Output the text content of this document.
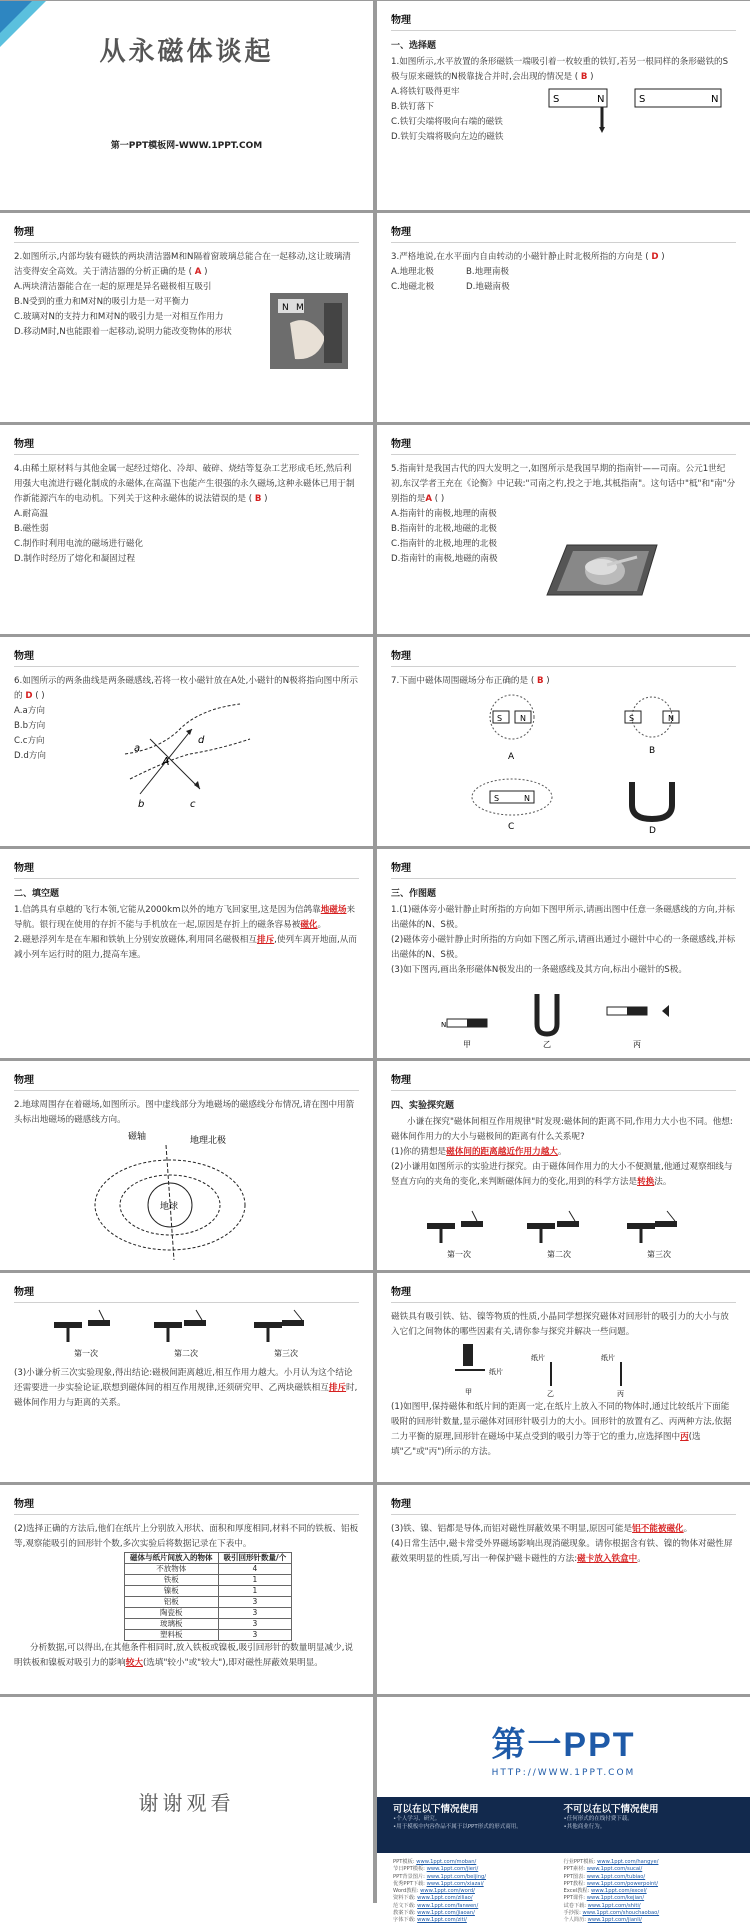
从永磁体谈起
第一PPT模板网-WWW.1PPT.COM
物理
一、选择题
1.如图所示,水平放置的条形磁铁一端吸引着一枚较重的铁钉,若另一根同样的条形磁铁的S极与原来磁铁的N极靠拢合并时,会出现的情况是 ( B )
A.将铁钉吸得更牢
B.铁钉落下
C.铁钉尖端将吸向右端的磁铁
D.铁钉尖端将吸向左边的磁铁
S	N	S	N
物理
2.如图所示,内部均装有磁铁的两块清洁器M和N隔着窗玻璃总能合在一起移动,这让玻璃清洁变得安全高效。关于清洁器的分析正确的是 ( A )
A.两块清洁器能合在一起的原理是异名磁极相互吸引
B.N受到的重力和M对N的吸引力是一对平衡力
C.玻璃对N的支持力和M对N的吸引力是一对相互作用力
D.移动M时,N也能跟着一起移动,说明力能改变物体的形状
N M
物理
3.严格地说,在水平面内自由转动的小磁针静止时北极所指的方向是 ( D )
A.地理北极	B.地理南极
C.地磁北极	D.地磁南极
物理
4.由稀土原材料与其他金属一起经过熔化、冷却、破碎、烧结等复杂工艺形成毛坯,然后利用强大电流进行磁化制成的永磁体,在高温下也能产生很强的永久磁场,这种永磁体已用于制作新能源汽车的电动机。下列关于这种永磁体的说法错误的是 ( B )
A.耐高温
B.磁性弱
C.制作时利用电流的磁场进行磁化
D.制作时经历了熔化和凝固过程
物理
5.指南针是我国古代的四大发明之一,如图所示是我国早期的指南针——司南。公元1世纪初,东汉学者王充在《论衡》中记载:"司南之杓,投之于地,其柢指南"。这句话中"柢"和"南"分别指的是A ( )
A.指南针的南极,地理的南极
B.指南针的北极,地磁的北极
C.指南针的北极,地理的北极
D.指南针的南极,地磁的南极
物理
6.如图所示的两条曲线是两条磁感线,若将一枚小磁针放在A处,小磁针的N极将指向图中所示的 D ( )
A.a方向
B.b方向
C.c方向
D.d方向
a
b
A
c
d
物理
7.下面中磁体周围磁场分布正确的是 ( B )
S N
A
S	N
B
S	N
C	D
物理
二、填空题
1.信鸽具有卓越的飞行本领,它能从2000km以外的地方飞回家里,这是因为信鸽靠地磁场来导航。银行现在使用的存折不能与手机放在一起,原因是存折上的磁条容易被磁化。
2.磁悬浮列车是在车厢和铁轨上分别安放磁体,利用同名磁极相互排斥,使列车离开地面,从而减小列车运行时的阻力,提高车速。
物理
三、作图题
1.(1)磁体旁小磁针静止时所指的方向如下图甲所示,请画出图中任意一条磁感线的方向,并标出磁体的N、S极。
(2)磁体旁小磁针静止时所指的方向如下图乙所示,请画出通过小磁针中心的一条磁感线,并标出磁体的N、S极。
(3)如下图丙,画出条形磁体N极发出的一条磁感线及其方向,标出小磁针的S极。
N
甲	乙	丙
物理
2.地球周围存在着磁场,如图所示。图中虚线部分为地磁场的磁感线分布情况,请在图中用箭头标出地磁场的磁感线方向。
磁轴	地理北极
地球
物理
四、实验探究题
小谦在探究"磁体间相互作用规律"时发现:磁体间的距离不同,作用力大小也不同。他想:磁体间作用力的大小与磁极间的距离有什么关系呢?
(1)你的猜想是磁体间的距离越近作用力越大。
(2)小谦用如图所示的实验进行探究。由于磁体间作用力的大小不便测量,他通过观察细线与竖直方向的夹角的变化,来判断磁体间力的变化,用到的科学方法是转换法。
第一次	第二次	第三次
物理
第一次	第二次	第三次
(3)小谦分析三次实验现象,得出结论:磁极间距离越近,相互作用力越大。小月认为这个结论还需要进一步实验论证,联想到磁体间的相互作用规律,还须研究甲、乙两块磁铁相互排斥时,磁体间作用力与距离的关系。
物理
磁铁具有吸引铁、钴、镍等物质的性质,小晶同学想探究磁体对回形针的吸引力的大小与放入它们之间物体的哪些因素有关,请你参与探究并解决一些问题。
纸片
甲
纸片
乙
纸片
丙
(1)如图甲,保持磁体和纸片间的距离一定,在纸片上放入不同的物体时,通过比较纸片下面能吸附的回形针数量,显示磁体对回形针吸引力的大小。回形针的放置有乙、丙两种方法,依据二力平衡的原理,回形针在磁场中某点受到的吸引力等于它的重力,应选择图中丙(选填"乙"或"丙")所示的方法。
物理
(2)选择正确的方法后,他们在纸片上分别放入形状、面积和厚度相同,材料不同的铁板、铝板等,观察能吸引的回形针个数,多次实验后将数据记录在下表中。
磁体与纸片间放入的物体	吸引回形针数量/个
不放物体	4
铁板	1
镍板	1
铝板	3
陶瓷板	3
玻璃板	3
塑料板	3
分析数据,可以得出,在其他条件相同时,放入铁板或镍板,吸引回形针的数量明显减少,说明铁板和镍板对吸引力的影响较大(选填"较小"或"较大"),即对磁性屏蔽效果明显。
物理
(3)铁、镍、铝都是导体,而铝对磁性屏蔽效果不明显,原因可能是铝不能被磁化。
(4)日常生活中,磁卡常受外界磁场影响出现消磁现象。请你根据含有铁、镍的物体对磁性屏蔽效果明显的性质,写出一种保护磁卡磁性的方法:磁卡放入铁盒中。
谢谢观看
第一PPT
HTTP://WWW.1PPT.COM
可以在以下情况使用
•个人学习、研究。
•用于模板中内容作品不属于以PPT形式的形式商用。
不可以在以下情况使用
•任何形式的在线付费下载。
•其他商业行为。
PPT模板: www.1ppt.com/moban/
节日PPT模板: www.1ppt.com/jieri/
PPT背景图片: www.1ppt.com/beijing/
优秀PPT下载: www.1ppt.com/xiazai/
Word教程: www.1ppt.com/word/
资料下载: www.1ppt.com/ziliao/
范文下载: www.1ppt.com/fanwen/
教案下载: www.1ppt.com/jiaoan/
字体下载: www.1ppt.com/ziti/
行业PPT模板: www.1ppt.com/hangye/
PPT素材: www.1ppt.com/sucai/
PPT图表: www.1ppt.com/tubiao/
PPT教程: www.1ppt.com/powerpoint/
Excel教程: www.1ppt.com/excel/
PPT课件: www.1ppt.com/kejian/
试卷下载: www.1ppt.com/shiti/
手抄报: www.1ppt.com/shouchaobao/
个人简历: www.1ppt.com/jianli/
